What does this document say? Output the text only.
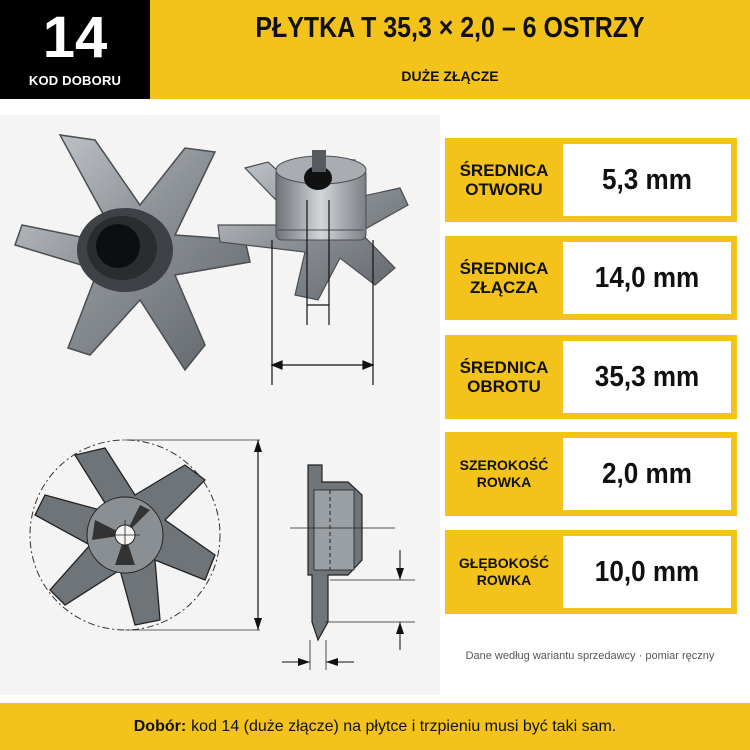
14
KOD DOBORU
PŁYTKA T 35,3 × 2,0 – 6 OSTRZY
DUŻE ZŁĄCZE
ŚREDNICA
OTWORU 5,3 mm
ŚREDNICA
ZŁĄCZA	14,0 mm
ŚREDNICA
OBROTU 35,3 mm
SZEROKOŚĆ
ROWKA	2,0 mm
GŁĘBOKOŚĆ
ROWKA	10,0 mm
Dane według wariantu sprzedawcy · pomiar ręczny
Dobór: kod 14 (duże złącze) na płytce i trzpieniu musi być taki sam.
